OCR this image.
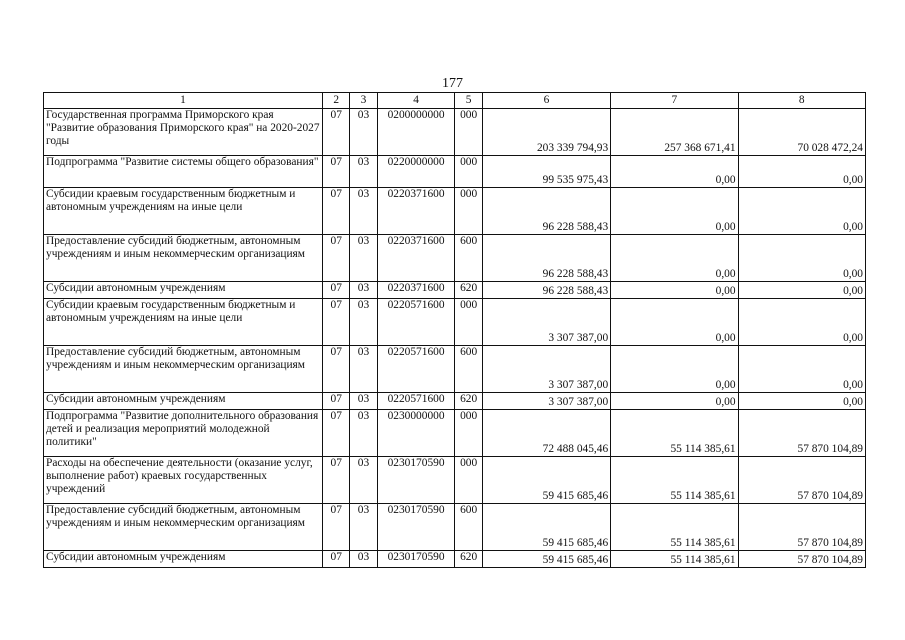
177
1	2	3	4	5	6	7	8
Государственная программа Приморского края "Развитие образования Приморского края" на 2020-2027 годы	07	03	0200000000	000	203 339 794,93	257 368 671,41	70 028 472,24
Подпрограмма "Развитие системы общего образования"	07	03	0220000000	000	99 535 975,43	0,00	0,00
Субсидии краевым государственным бюджетным и автономным учреждениям на иные цели	07	03	0220371600	000	96 228 588,43	0,00	0,00
Предоставление субсидий бюджетным, автономным учреждениям и иным некоммерческим организациям	07	03	0220371600	600	96 228 588,43	0,00	0,00
Субсидии автономным учреждениям	07	03	0220371600	620	96 228 588,43	0,00	0,00
Субсидии краевым государственным бюджетным и автономным учреждениям на иные цели	07	03	0220571600	000	3 307 387,00	0,00	0,00
Предоставление субсидий бюджетным, автономным учреждениям и иным некоммерческим организациям	07	03	0220571600	600	3 307 387,00	0,00	0,00
Субсидии автономным учреждениям	07	03	0220571600	620	3 307 387,00	0,00	0,00
Подпрограмма "Развитие дополнительного образования детей и реализация мероприятий молодежной политики"	07	03	0230000000	000	72 488 045,46	55 114 385,61	57 870 104,89
Расходы на обеспечение деятельности (оказание услуг, выполнение работ) краевых государственных учреждений	07	03	0230170590	000	59 415 685,46	55 114 385,61	57 870 104,89
Предоставление субсидий бюджетным, автономным учреждениям и иным некоммерческим организациям	07	03	0230170590	600	59 415 685,46	55 114 385,61	57 870 104,89
Субсидии автономным учреждениям	07	03	0230170590	620	59 415 685,46	55 114 385,61	57 870 104,89
